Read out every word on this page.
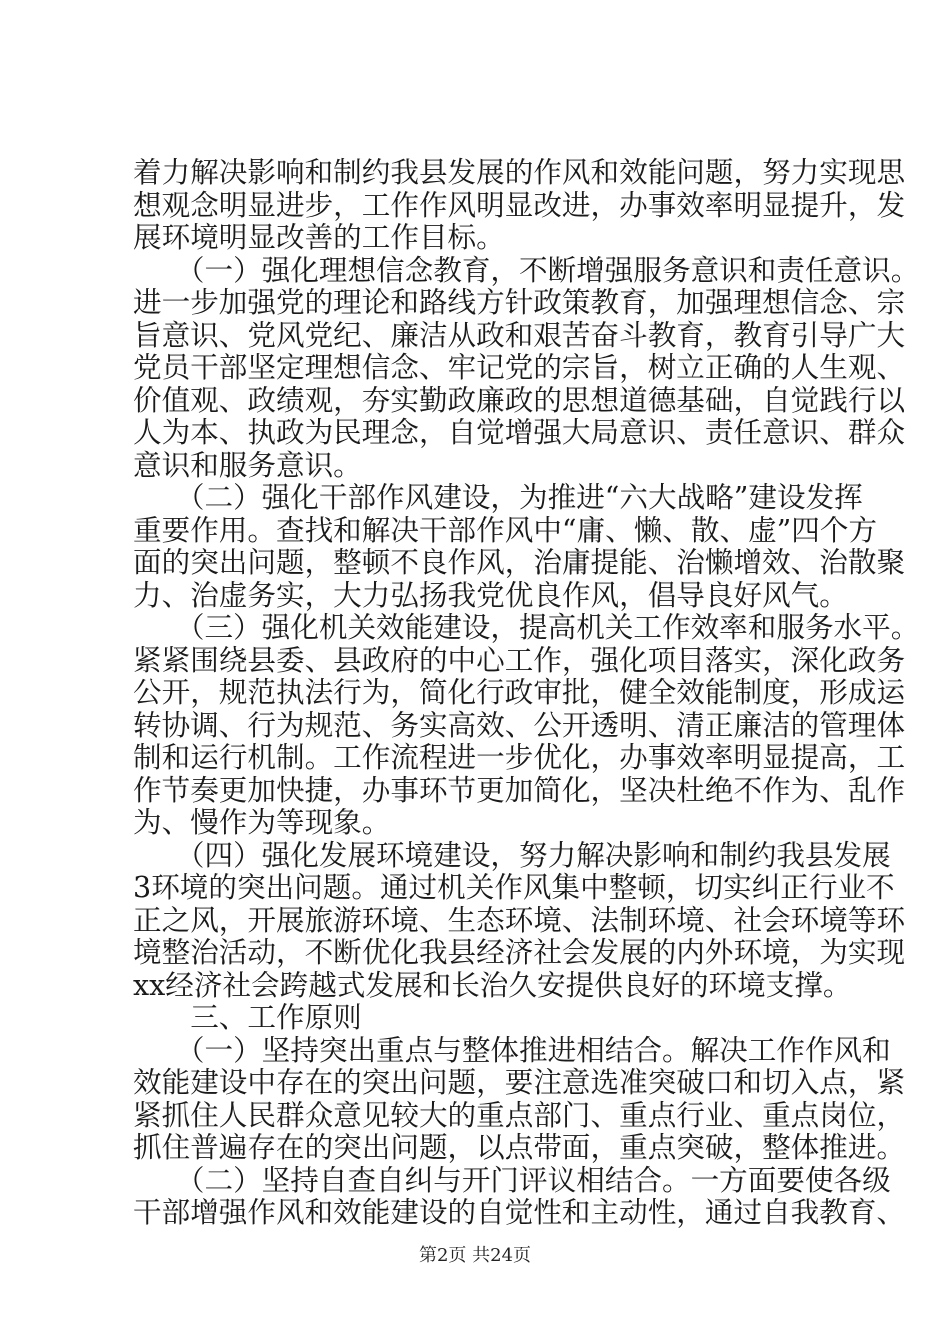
着力解决影响和制约我县发展的作风和效能问题，努力实现思
想观念明显进步，工作作风明显改进，办事效率明显提升，发
展环境明显改善的工作目标。
　　（一）强化理想信念教育，不断增强服务意识和责任意识。
进一步加强党的理论和路线方针政策教育，加强理想信念、宗
旨意识、党风党纪、廉洁从政和艰苦奋斗教育，教育引导广大
党员干部坚定理想信念、牢记党的宗旨，树立正确的人生观、
价值观、政绩观，夯实勤政廉政的思想道德基础，自觉践行以
人为本、执政为民理念，自觉增强大局意识、责任意识、群众
意识和服务意识。
　　（二）强化干部作风建设，为推进“六大战略”建设发挥
重要作用。查找和解决干部作风中“庸、懒、散、虚”四个方
面的突出问题，整顿不良作风，治庸提能、治懒增效、治散聚
力、治虚务实，大力弘扬我党优良作风，倡导良好风气。
　　（三）强化机关效能建设，提高机关工作效率和服务水平。
紧紧围绕县委、县政府的中心工作，强化项目落实，深化政务
公开，规范执法行为，简化行政审批，健全效能制度，形成运
转协调、行为规范、务实高效、公开透明、清正廉洁的管理体
制和运行机制。工作流程进一步优化，办事效率明显提高，工
作节奏更加快捷，办事环节更加简化，坚决杜绝不作为、乱作
为、慢作为等现象。
　　（四）强化发展环境建设，努力解决影响和制约我县发展
3环境的突出问题。通过机关作风集中整顿，切实纠正行业不
正之风，开展旅游环境、生态环境、法制环境、社会环境等环
境整治活动，不断优化我县经济社会发展的内外环境，为实现
xx经济社会跨越式发展和长治久安提供良好的环境支撑。
　　三、工作原则
　　（一）坚持突出重点与整体推进相结合。解决工作作风和
效能建设中存在的突出问题，要注意选准突破口和切入点，紧
紧抓住人民群众意见较大的重点部门、重点行业、重点岗位，
抓住普遍存在的突出问题，以点带面，重点突破，整体推进。
　　（二）坚持自查自纠与开门评议相结合。一方面要使各级
干部增强作风和效能建设的自觉性和主动性，通过自我教育、
第2页 共24页
